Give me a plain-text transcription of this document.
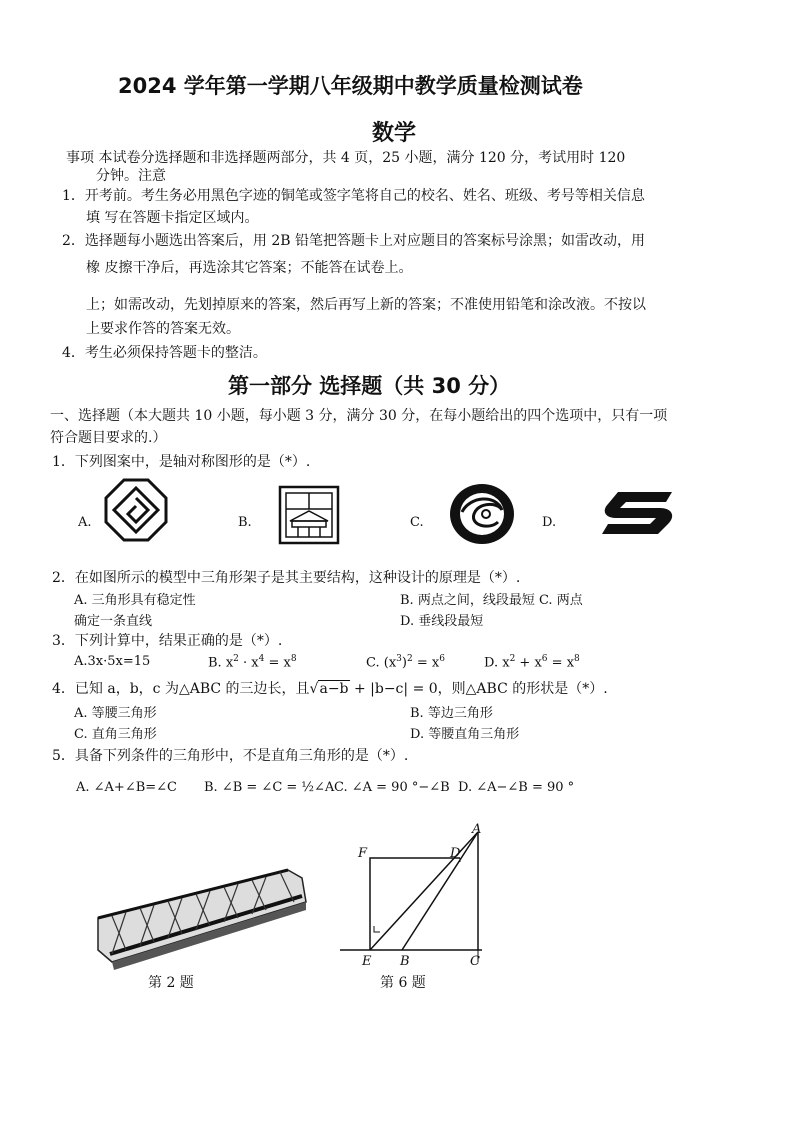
2024 学年第一学期八年级期中教学质量检测试卷
数学
事项 本试卷分选择题和非选择题两部分，共 4 页，25 小题，满分 120 分，考试用时 120
分钟。注意
1．开考前。考生务必用黑色字迹的铜笔或签字笔将自己的校名、姓名、班级、考号等相关信息
填 写在答题卡指定区域内。
2．选择题每小题选出答案后，用 2B 铅笔把答题卡上对应题目的答案标号涂黑；如雷改动，用
橡 皮擦干净后，再选涂其它答案；不能答在试卷上。
上；如需改动，先划掉原来的答案，然后再写上新的答案；不准使用铅笔和涂改液。不按以
上要求作答的答案无效。
4．考生必须保持答题卡的整洁。
第一部分 选择题（共 30 分）
一、选择题（本大题共 10 小题，每小题 3 分，满分 30 分，在每小题给出的四个选项中，只有一项
符合题目要求的.）
1．下列图案中，是轴对称图形的是（*）.
A.	B.	C.	D.
2．在如图所示的模型中三角形架子是其主要结构，这种设计的原理是（*）.
A. 三角形具有稳定性	B. 两点之间，线段最短 C. 两点
确定一条直线	D. 垂线段最短
3．下列计算中，结果正确的是（*）.
A.3x·5x=15	B. $x^2 \cdot x^4 = x^8$	C. $(x^3)^2 = x^6$	D. $x^2 + x^6 = x^8$
4．已知 a，b，c 为△ABC 的三边长，且√a−b + |b−c| = 0，则△ABC 的形状是（*）.
A. 等腰三角形	B. 等边三角形
C. 直角三角形	D. 等腰直角三角形
5．具备下列条件的三角形中，不是直角三角形的是（*）.
A. ∠A+∠B=∠C B. ∠B = ∠C = ½∠A C. ∠A = 90 °−∠B D. ∠A−∠B = 90 °
第 2 题
A
D
F
E B	C
第 6 题
